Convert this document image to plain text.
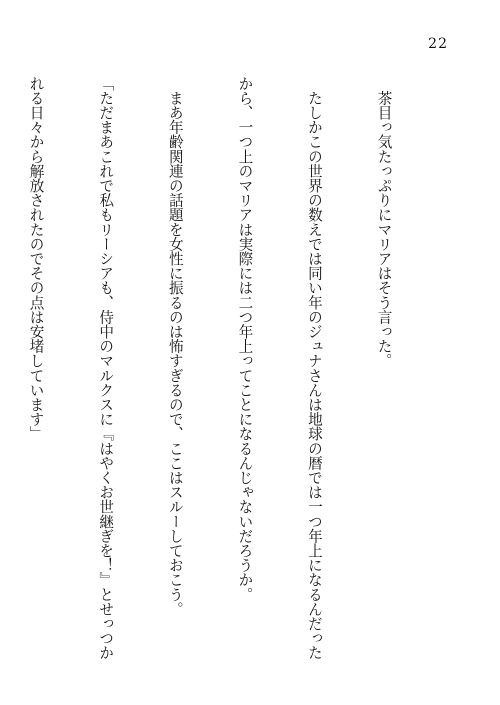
22

　茶目っ気たっぷりにマリアはそう言った。

　たしかこの世界の数えでは同い年のジュナさんは地球の暦では一つ年上になるんだった

から、一つ上のマリアは実際には二つ年上ってことになるんじゃないだろうか。

　まあ年齢関連の話題を女性に振るのは怖すぎるので、ここはスルーしておこう。

「ただまあこれで私もリーシアも、侍中のマルクスに『はやくお世継ぎを！』とせっつか

れる日々から解放されたのでその点は安堵しています」
